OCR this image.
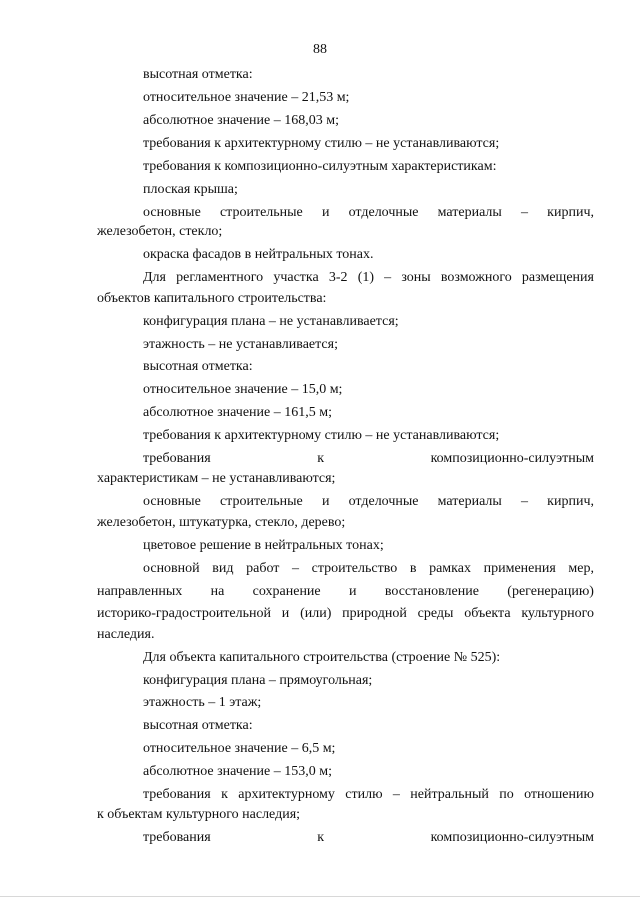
88
высотная отметка:
относительное значение – 21,53 м;
абсолютное значение – 168,03 м;
требования к архитектурному стилю – не устанавливаются;
требования к композиционно-силуэтным характеристикам:
плоская крыша;
основные строительные и отделочные материалы – кирпич,
железобетон, стекло;
окраска фасадов в нейтральных тонах.
Для регламентного участка 3-2 (1) – зоны возможного размещения
объектов капитального строительства:
конфигурация плана – не устанавливается;
этажность – не устанавливается;
высотная отметка:
относительное значение – 15,0 м;
абсолютное значение – 161,5 м;
требования к архитектурному стилю – не устанавливаются;
требования	к	композиционно-силуэтным
характеристикам – не устанавливаются;
основные строительные и отделочные материалы – кирпич,
железобетон, штукатурка, стекло, дерево;
цветовое решение в нейтральных тонах;
основной вид работ – строительство в рамках применения мер,
направленных на сохранение и восстановление (регенерацию)
историко-градостроительной и (или) природной среды объекта культурного
наследия.
Для объекта капитального строительства (строение № 525):
конфигурация плана – прямоугольная;
этажность – 1 этаж;
высотная отметка:
относительное значение – 6,5 м;
абсолютное значение – 153,0 м;
требования к архитектурному стилю – нейтральный по отношению
к объектам культурного наследия;
требования	к	композиционно-силуэтным
